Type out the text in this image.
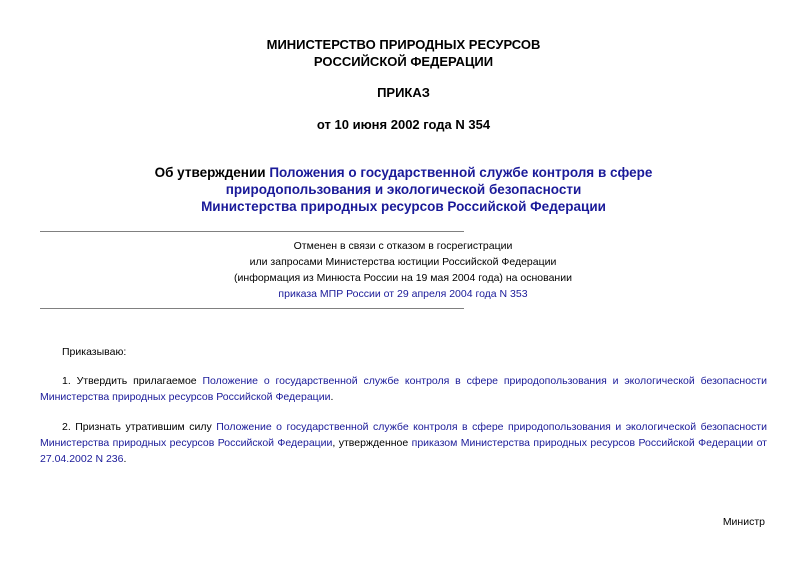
МИНИСТЕРСТВО ПРИРОДНЫХ РЕСУРСОВ
РОССИЙСКОЙ ФЕДЕРАЦИИ
ПРИКАЗ
от 10 июня 2002 года N 354
Об утверждении Положения о государственной службе контроля в сфере
природопользования и экологической безопасности
Министерства природных ресурсов Российской Федерации
Отменен в связи с отказом в госрегистрации
или запросами Министерства юстиции Российской Федерации
(информация из Минюста России на 19 мая 2004 года) на основании
приказа МПР России от 29 апреля 2004 года N 353
Приказываю:
1. Утвердить прилагаемое Положение о государственной службе контроля в сфере природопользования и экологической безопасности Министерства природных ресурсов Российской Федерации.
2. Признать утратившим силу Положение о государственной службе контроля в сфере природопользования и экологической безопасности Министерства природных ресурсов Российской Федерации, утвержденное приказом Министерства природных ресурсов Российской Федерации от 27.04.2002 N 236.
Министр
